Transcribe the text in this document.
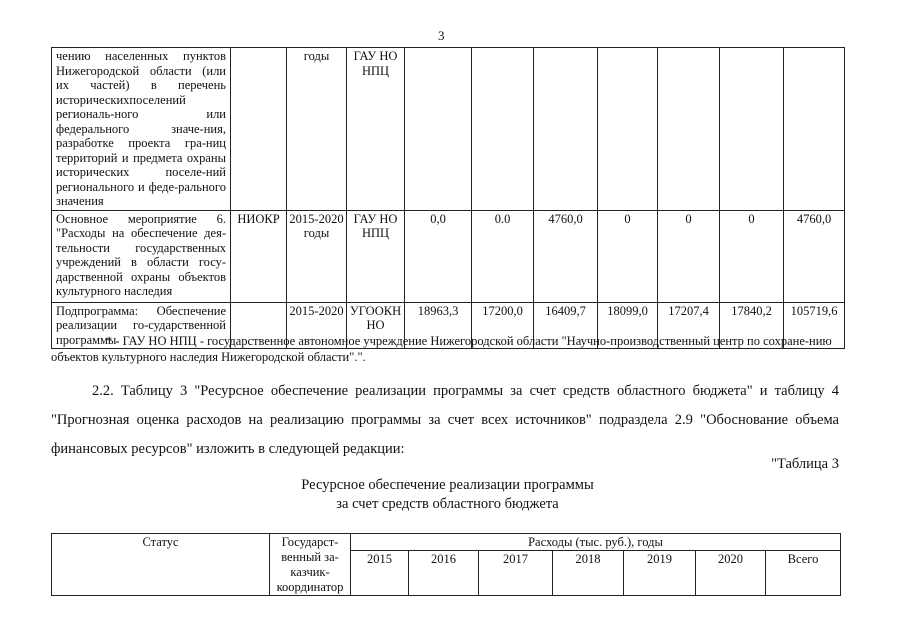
3
чению населенных пунктов Нижегородской области (или их частей) в перечень историческихпоселений региональ-ного или федерального значе-ния, разработке проекта гра-ниц территорий и предмета охраны исторических поселе-ний регионального и феде-рального значения		годы	ГАУ НО НПЦ							
Основное мероприятие 6. "Расходы на обеспечение дея-тельности государственных учреждений в области госу-дарственной охраны объектов культурного наследия	НИОКР	2015-2020 годы	ГАУ НО НПЦ	0,0	0.0	4760,0	0	0	0	4760,0
Подпрограмма: Обеспечение реализации го-сударственной программы		2015-2020	УГООКН НО	18963,3	17200,0	16409,7	18099,0	17207,4	17840,2	105719,6
* - ГАУ НО НПЦ - государственное автономное учреждение Нижегородской области "Научно-производственный центр по сохране-нию объектов культурного наследия Нижегородской области".".
2.2. Таблицу 3 "Ресурсное обеспечение реализации программы за счет средств областного бюджета" и таблицу 4 "Прогнозная оценка расходов на реализацию программы за счет всех источников" подраздела 2.9 "Обоснование объема финансовых ресурсов" изложить в следующей редакции:
"Таблица 3
Ресурсное обеспечение реализации программы
за счет средств областного бюджета
Статус	Государст-венный за-казчик-координатор	Расходы (тыс. руб.), годы						
		2015	2016	2017	2018	2019	2020	Всего
